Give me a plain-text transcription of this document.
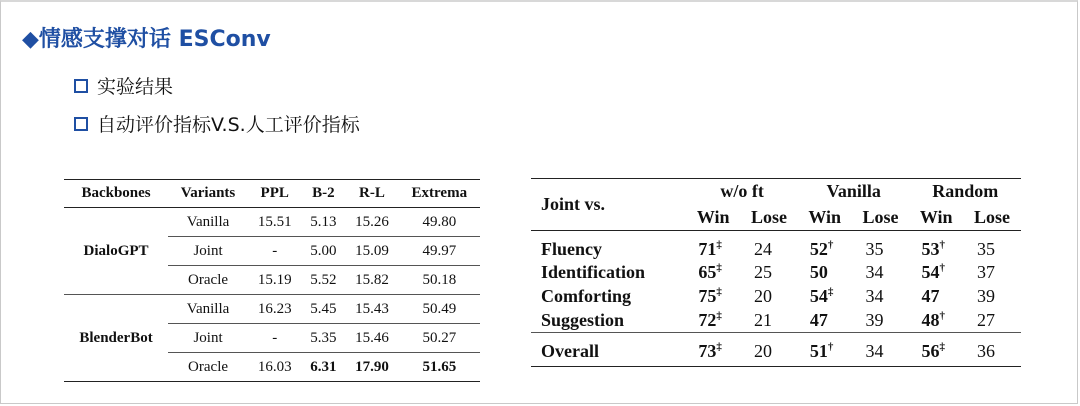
◆情感支撑对话 ESConv
实验结果
自动评价指标V.S.人工评价指标
Backbones	Variants	PPL	B-2	R-L	Extrema
DialoGPT	Vanilla	15.51	5.13	15.26	49.80
	Joint	-	5.00	15.09	49.97
	Oracle	15.19	5.52	15.82	50.18
BlenderBot	Vanilla	16.23	5.45	15.43	50.49
	Joint	-	5.35	15.46	50.27
	Oracle	16.03	6.31	17.90	51.65
Joint vs.	w/o ft		Vanilla		Random	
	Win	Lose	Win	Lose	Win	Lose
Fluency	71‡	24	52†	35	53†	35
Identification	65‡	25	50	34	54†	37
Comforting	75‡	20	54‡	34	47	39
Suggestion	72‡	21	47	39	48†	27
Overall	73‡	20	51†	34	56‡	36
